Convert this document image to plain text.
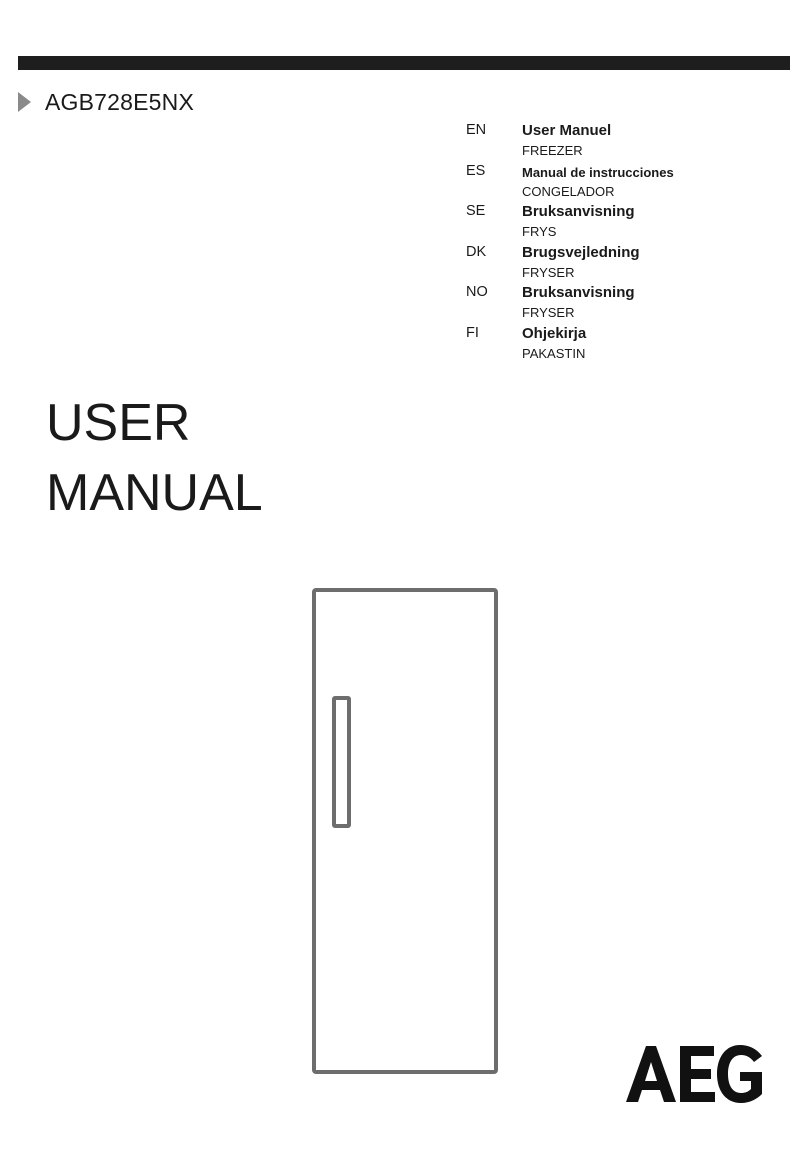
AGB728E5NX
EN User Manuel
FREEZER
ES	Manual de instrucciones
CONGELADOR
SE Bruksanvisning
FRYS
DK Brugsvejledning
FRYSER
NO Bruksanvisning
FRYSER
FI	Ohjekirja
PAKASTIN
USER
MANUAL
